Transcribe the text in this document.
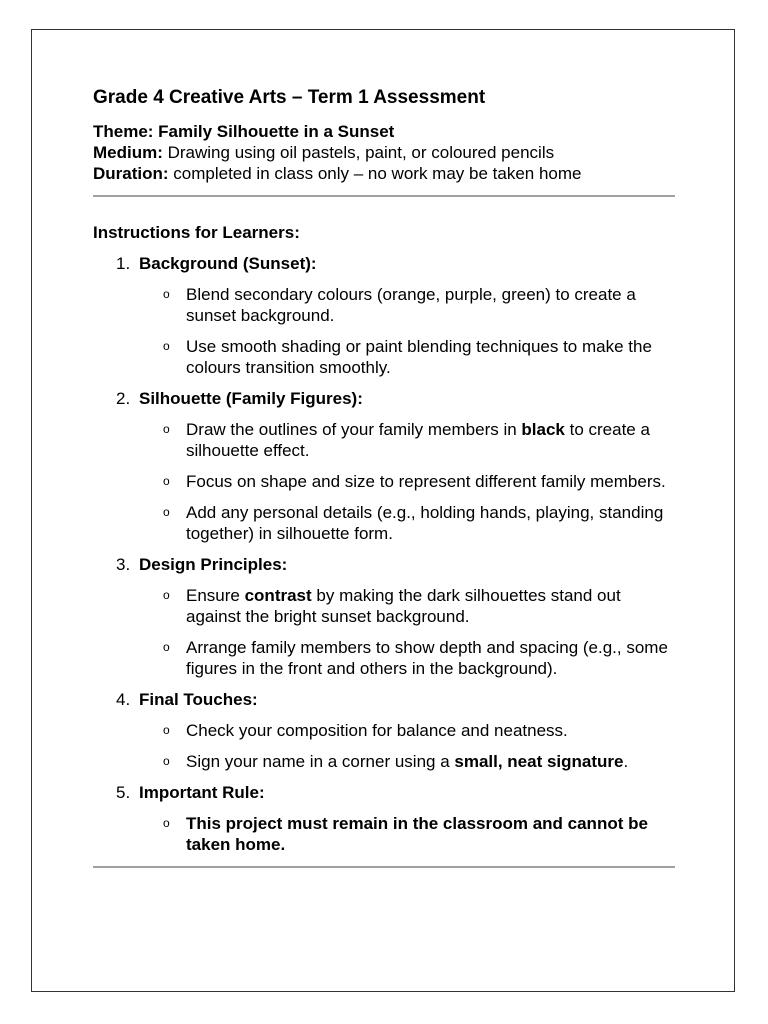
Grade 4 Creative Arts – Term 1 Assessment

Theme: Family Silhouette in a Sunset

Medium: Drawing using oil pastels, paint, or coloured pencils

Duration: completed in class only – no work may be taken home

Instructions for Learners:

1. Background (Sunset):
o Blend secondary colours (orange, purple, green) to create a sunset background.
o Use smooth shading or paint blending techniques to make the colours transition smoothly.
2. Silhouette (Family Figures):
o Draw the outlines of your family members in black to create a silhouette effect.
o Focus on shape and size to represent different family members.
o Add any personal details (e.g., holding hands, playing, standing together) in silhouette form.
3. Design Principles:
o Ensure contrast by making the dark silhouettes stand out against the bright sunset background.
o Arrange family members to show depth and spacing (e.g., some figures in the front and others in the background).
4. Final Touches:
o Check your composition for balance and neatness.
o Sign your name in a corner using a small, neat signature.
5. Important Rule:
o This project must remain in the classroom and cannot be taken home.
